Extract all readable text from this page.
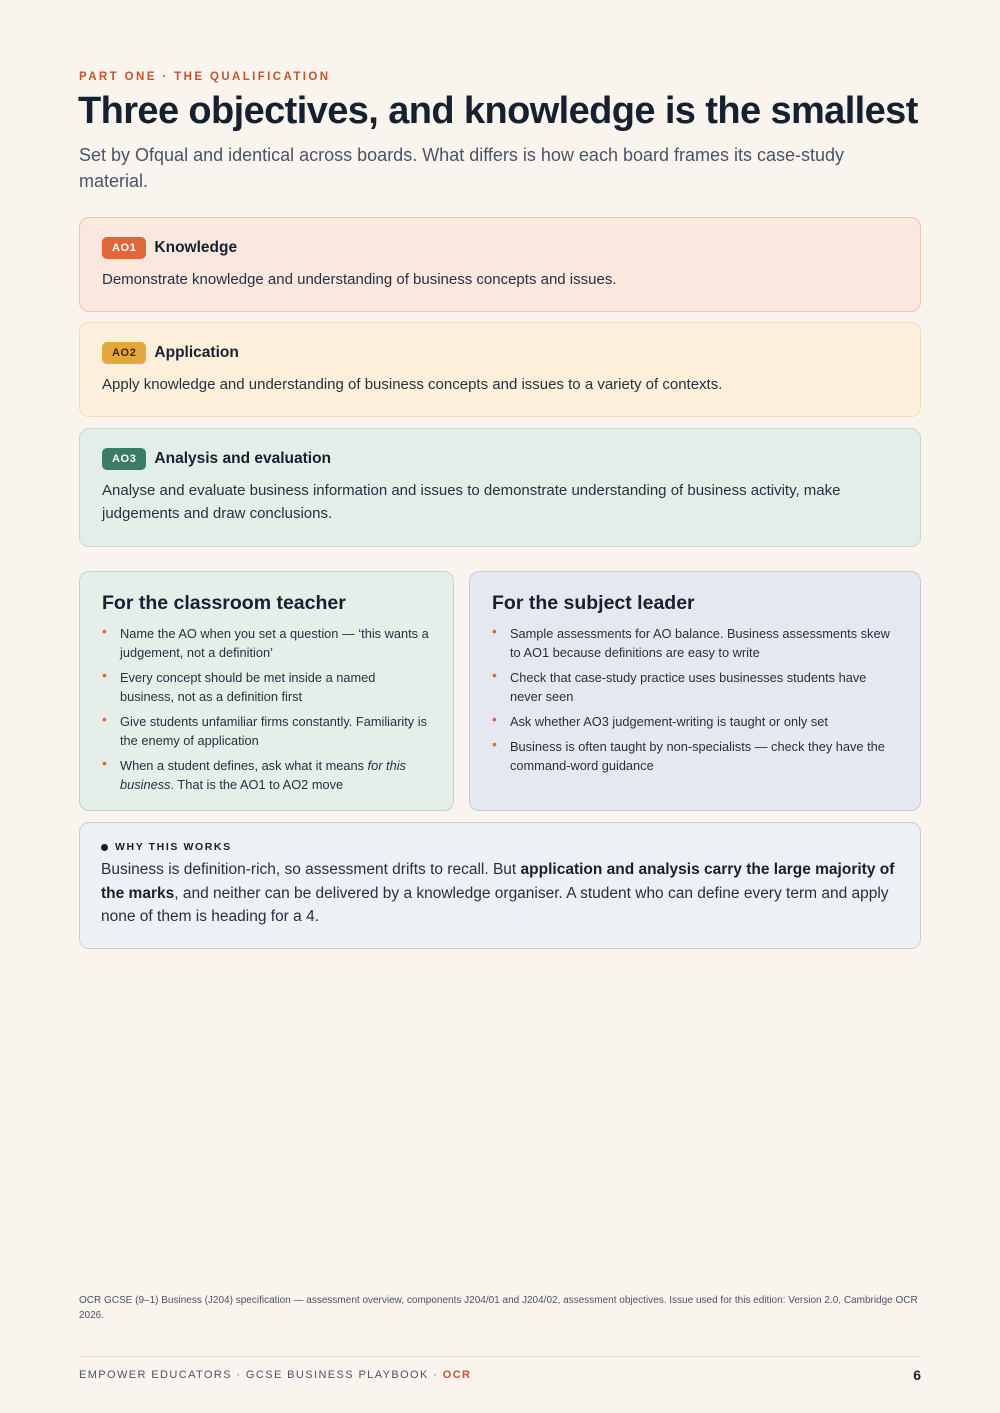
PART ONE · THE QUALIFICATION
Three objectives, and knowledge is the smallest

Set by Ofqual and identical across boards. What differs is how each board frames its case-study material.

AO1	Knowledge

Demonstrate knowledge and understanding of business concepts and issues.

AO2	Application

Apply knowledge and understanding of business concepts and issues to a variety of contexts.

AO3	Analysis and evaluation

Analyse and evaluate business information and issues to demonstrate understanding of business activity, make judgements and draw conclusions.

For the classroom teacher
• Name the AO when you set a question — ‘this wants a judgement, not a definition’
• Every concept should be met inside a named business, not as a definition first
• Give students unfamiliar firms constantly. Familiarity is the enemy of application
• When a student defines, ask what it means for this business. That is the AO1 to AO2 move
For the subject leader
• Sample assessments for AO balance. Business assessments skew to AO1 because definitions are easy to write
• Check that case-study practice uses businesses students have never seen
• Ask whether AO3 judgement-writing is taught or only set
• Business is often taught by non-specialists — check they have the command-word guidance
WHY THIS WORKS

Business is definition-rich, so assessment drifts to recall. But application and analysis carry the large majority of the marks, and neither can be delivered by a knowledge organiser. A student who can define every term and apply none of them is heading for a 4.

OCR GCSE (9–1) Business (J204) specification — assessment overview, components J204/01 and J204/02, assessment objectives. Issue used for this edition: Version 2.0, Cambridge OCR 2026.

EMPOWER EDUCATORS · GCSE BUSINESS PLAYBOOK · OCR	6
